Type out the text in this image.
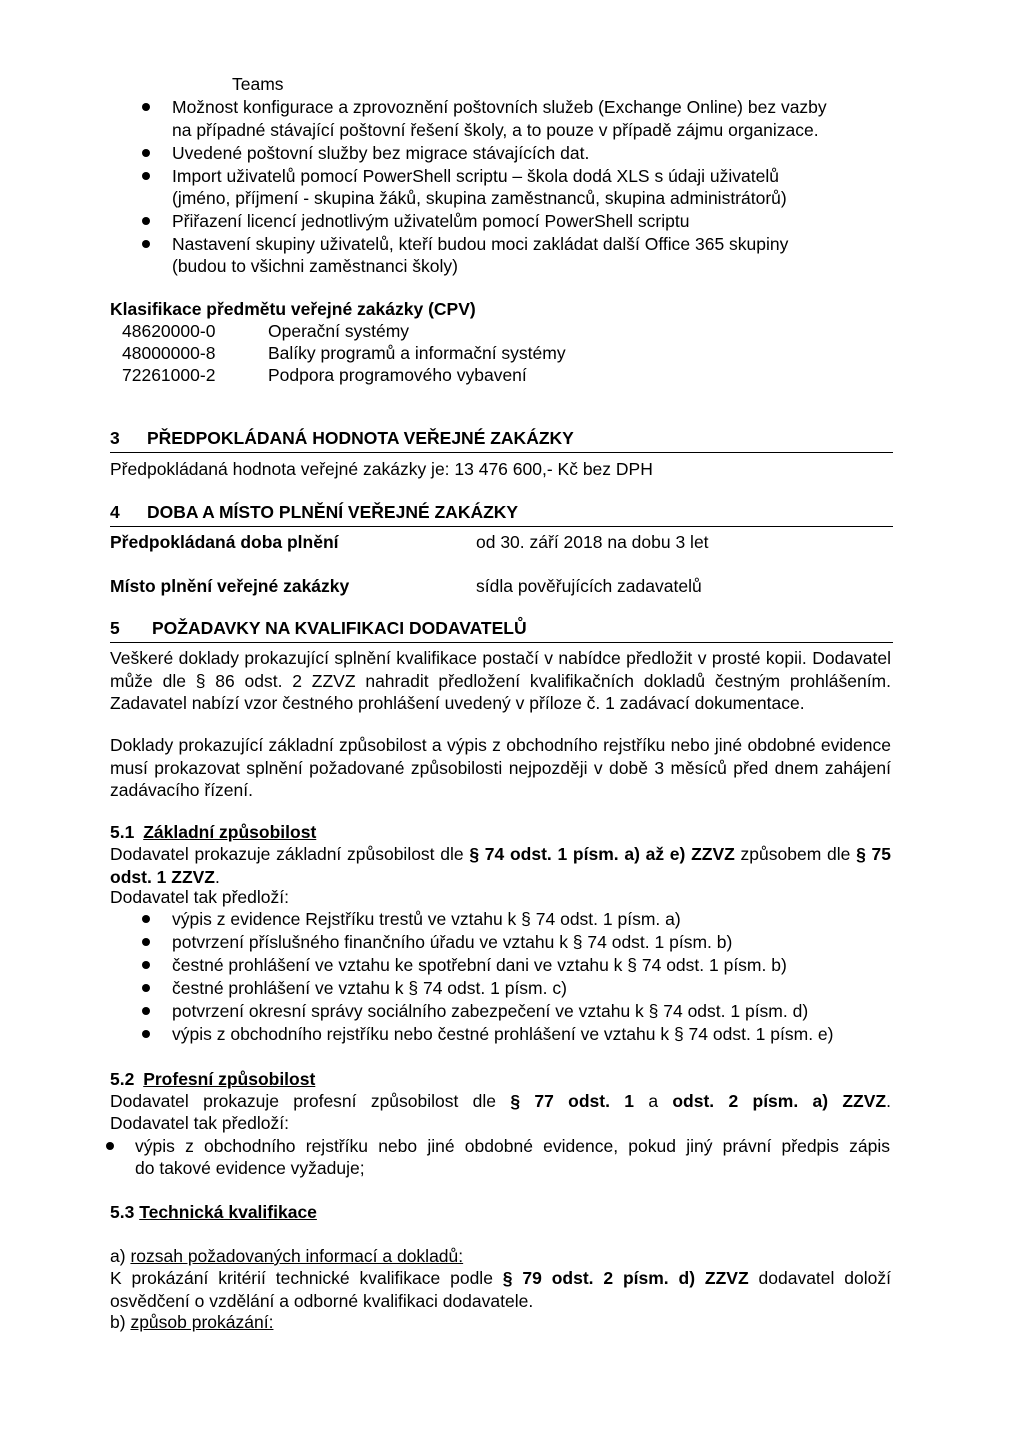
Teams
Možnost konfigurace a zprovoznění poštovních služeb (Exchange Online) bez vazby
na případné stávající poštovní řešení školy, a to pouze v případě zájmu organizace.
Uvedené poštovní služby bez migrace stávajících dat.
Import uživatelů pomocí PowerShell scriptu – škola dodá XLS s údaji uživatelů
(jméno, příjmení - skupina žáků, skupina zaměstnanců, skupina administrátorů)
Přiřazení licencí jednotlivým uživatelům pomocí PowerShell scriptu
Nastavení skupiny uživatelů, kteří budou moci zakládat další Office 365 skupiny
(budou to všichni zaměstnanci školy)
Klasifikace předmětu veřejné zakázky (CPV)
48620000-0	Operační systémy
48000000-8	Balíky programů a informační systémy
72261000-2	Podpora programového vybavení
3 PŘEDPOKLÁDANÁ HODNOTA VEŘEJNÉ ZAKÁZKY
Předpokládaná hodnota veřejné zakázky je: 13 476 600,- Kč bez DPH
4 DOBA A MÍSTO PLNĚNÍ VEŘEJNÉ ZAKÁZKY
Předpokládaná doba plnění	od 30. září 2018 na dobu 3 let
Místo plnění veřejné zakázky	sídla pověřujících zadavatelů
5 POŽADAVKY NA KVALIFIKACI DODAVATELŮ
Veškeré doklady prokazující splnění kvalifikace postačí v nabídce předložit v prosté kopii. Dodavatel může dle § 86 odst. 2 ZZVZ nahradit předložení kvalifikačních dokladů čestným prohlášením. Zadavatel nabízí vzor čestného prohlášení uvedený v příloze č. 1 zadávací dokumentace.
Doklady prokazující základní způsobilost a výpis z obchodního rejstříku nebo jiné obdobné evidence musí prokazovat splnění požadované způsobilosti nejpozději v době 3 měsíců před dnem zahájení zadávacího řízení.
5.1 Základní způsobilost
Dodavatel prokazuje základní způsobilost dle § 74 odst. 1 písm. a) až e) ZZVZ způsobem dle § 75 odst. 1 ZZVZ.
Dodavatel tak předloží:
výpis z evidence Rejstříku trestů ve vztahu k § 74 odst. 1 písm. a)
potvrzení příslušného finančního úřadu ve vztahu k § 74 odst. 1 písm. b)
čestné prohlášení ve vztahu ke spotřební dani ve vztahu k § 74 odst. 1 písm. b)
čestné prohlášení ve vztahu k § 74 odst. 1 písm. c)
potvrzení okresní správy sociálního zabezpečení ve vztahu k § 74 odst. 1 písm. d)
výpis z obchodního rejstříku nebo čestné prohlášení ve vztahu k § 74 odst. 1 písm. e)
5.2 Profesní způsobilost
Dodavatel prokazuje profesní způsobilost dle § 77 odst. 1 a odst. 2 písm. a) ZZVZ.
Dodavatel tak předloží:
výpis z obchodního rejstříku nebo jiné obdobné evidence, pokud jiný právní předpis zápis
do takové evidence vyžaduje;
5.3 Technická kvalifikace
a) rozsah požadovaných informací a dokladů:
K prokázání kritérií technické kvalifikace podle § 79 odst. 2 písm. d) ZZVZ dodavatel doloží osvědčení o vzdělání a odborné kvalifikaci dodavatele.
b) způsob prokázání:
